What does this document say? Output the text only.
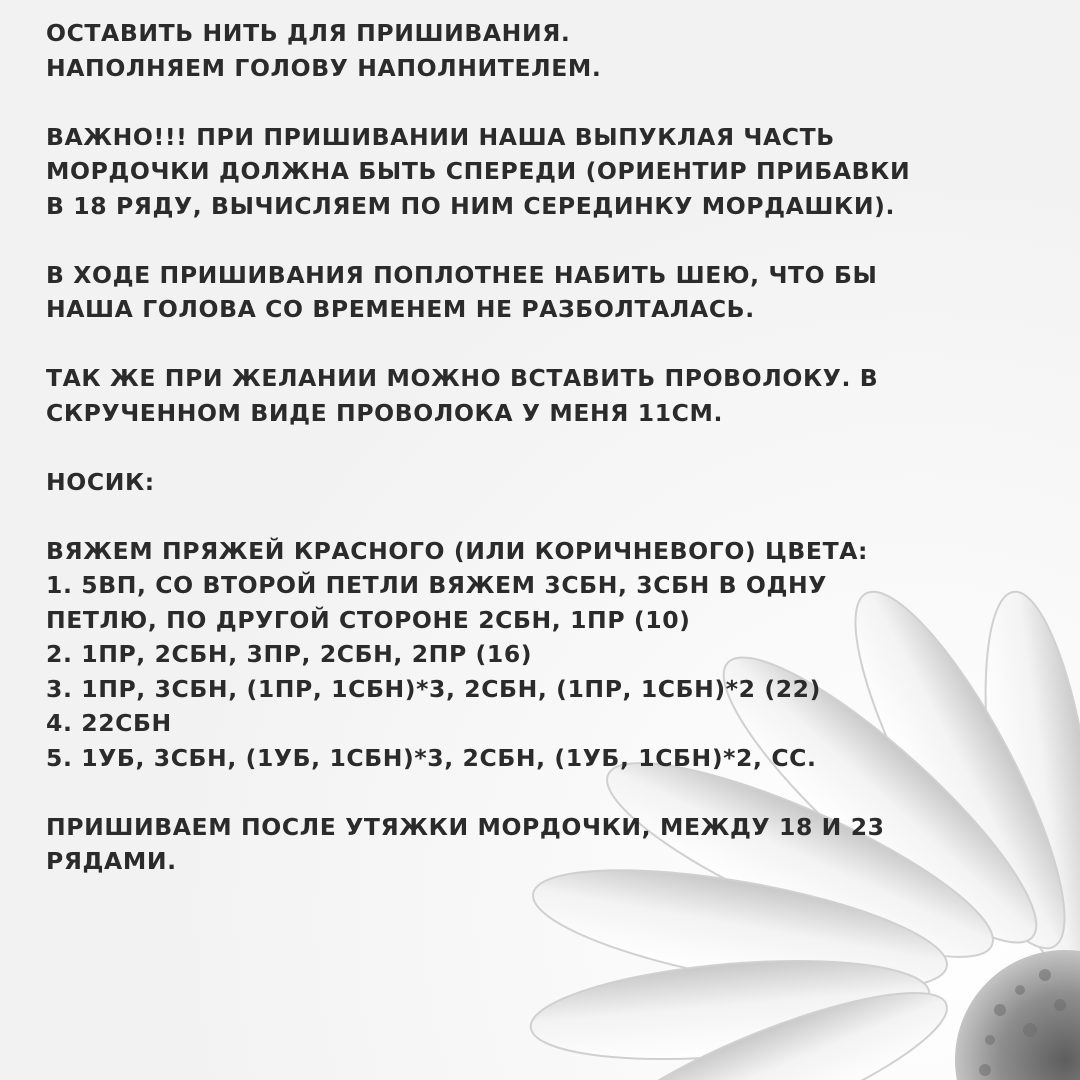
ОСТАВИТЬ НИТЬ ДЛЯ ПРИШИВАНИЯ.
НАПОЛНЯЕМ ГОЛОВУ НАПОЛНИТЕЛЕМ.
ВАЖНО!!! ПРИ ПРИШИВАНИИ НАША ВЫПУКЛАЯ ЧАСТЬ
МОРДОЧКИ ДОЛЖНА БЫТЬ СПЕРЕДИ (ОРИЕНТИР ПРИБАВКИ
В 18 РЯДУ, ВЫЧИСЛЯЕМ ПО НИМ СЕРЕДИНКУ МОРДАШКИ).
В ХОДЕ ПРИШИВАНИЯ ПОПЛОТНЕЕ НАБИТЬ ШЕЮ, ЧТО БЫ
НАША ГОЛОВА СО ВРЕМЕНЕМ НЕ РАЗБОЛТАЛАСЬ.
ТАК ЖЕ ПРИ ЖЕЛАНИИ МОЖНО ВСТАВИТЬ ПРОВОЛОКУ. В
СКРУЧЕННОМ ВИДЕ ПРОВОЛОКА У МЕНЯ 11СМ.
НОСИК:
ВЯЖЕМ ПРЯЖЕЙ КРАСНОГО (ИЛИ КОРИЧНЕВОГО) ЦВЕТА:
1. 5ВП, СО ВТОРОЙ ПЕТЛИ ВЯЖЕМ 3СБН, 3СБН В ОДНУ
ПЕТЛЮ, ПО ДРУГОЙ СТОРОНЕ 2СБН, 1ПР (10)
2. 1ПР, 2СБН, 3ПР, 2СБН, 2ПР (16)
3. 1ПР, 3СБН, (1ПР, 1СБН)*3, 2СБН, (1ПР, 1СБН)*2 (22)
4. 22СБН
5. 1УБ, 3СБН, (1УБ, 1СБН)*3, 2СБН, (1УБ, 1СБН)*2, СС.
ПРИШИВАЕМ ПОСЛЕ УТЯЖКИ МОРДОЧКИ, МЕЖДУ 18 И 23
РЯДАМИ.
